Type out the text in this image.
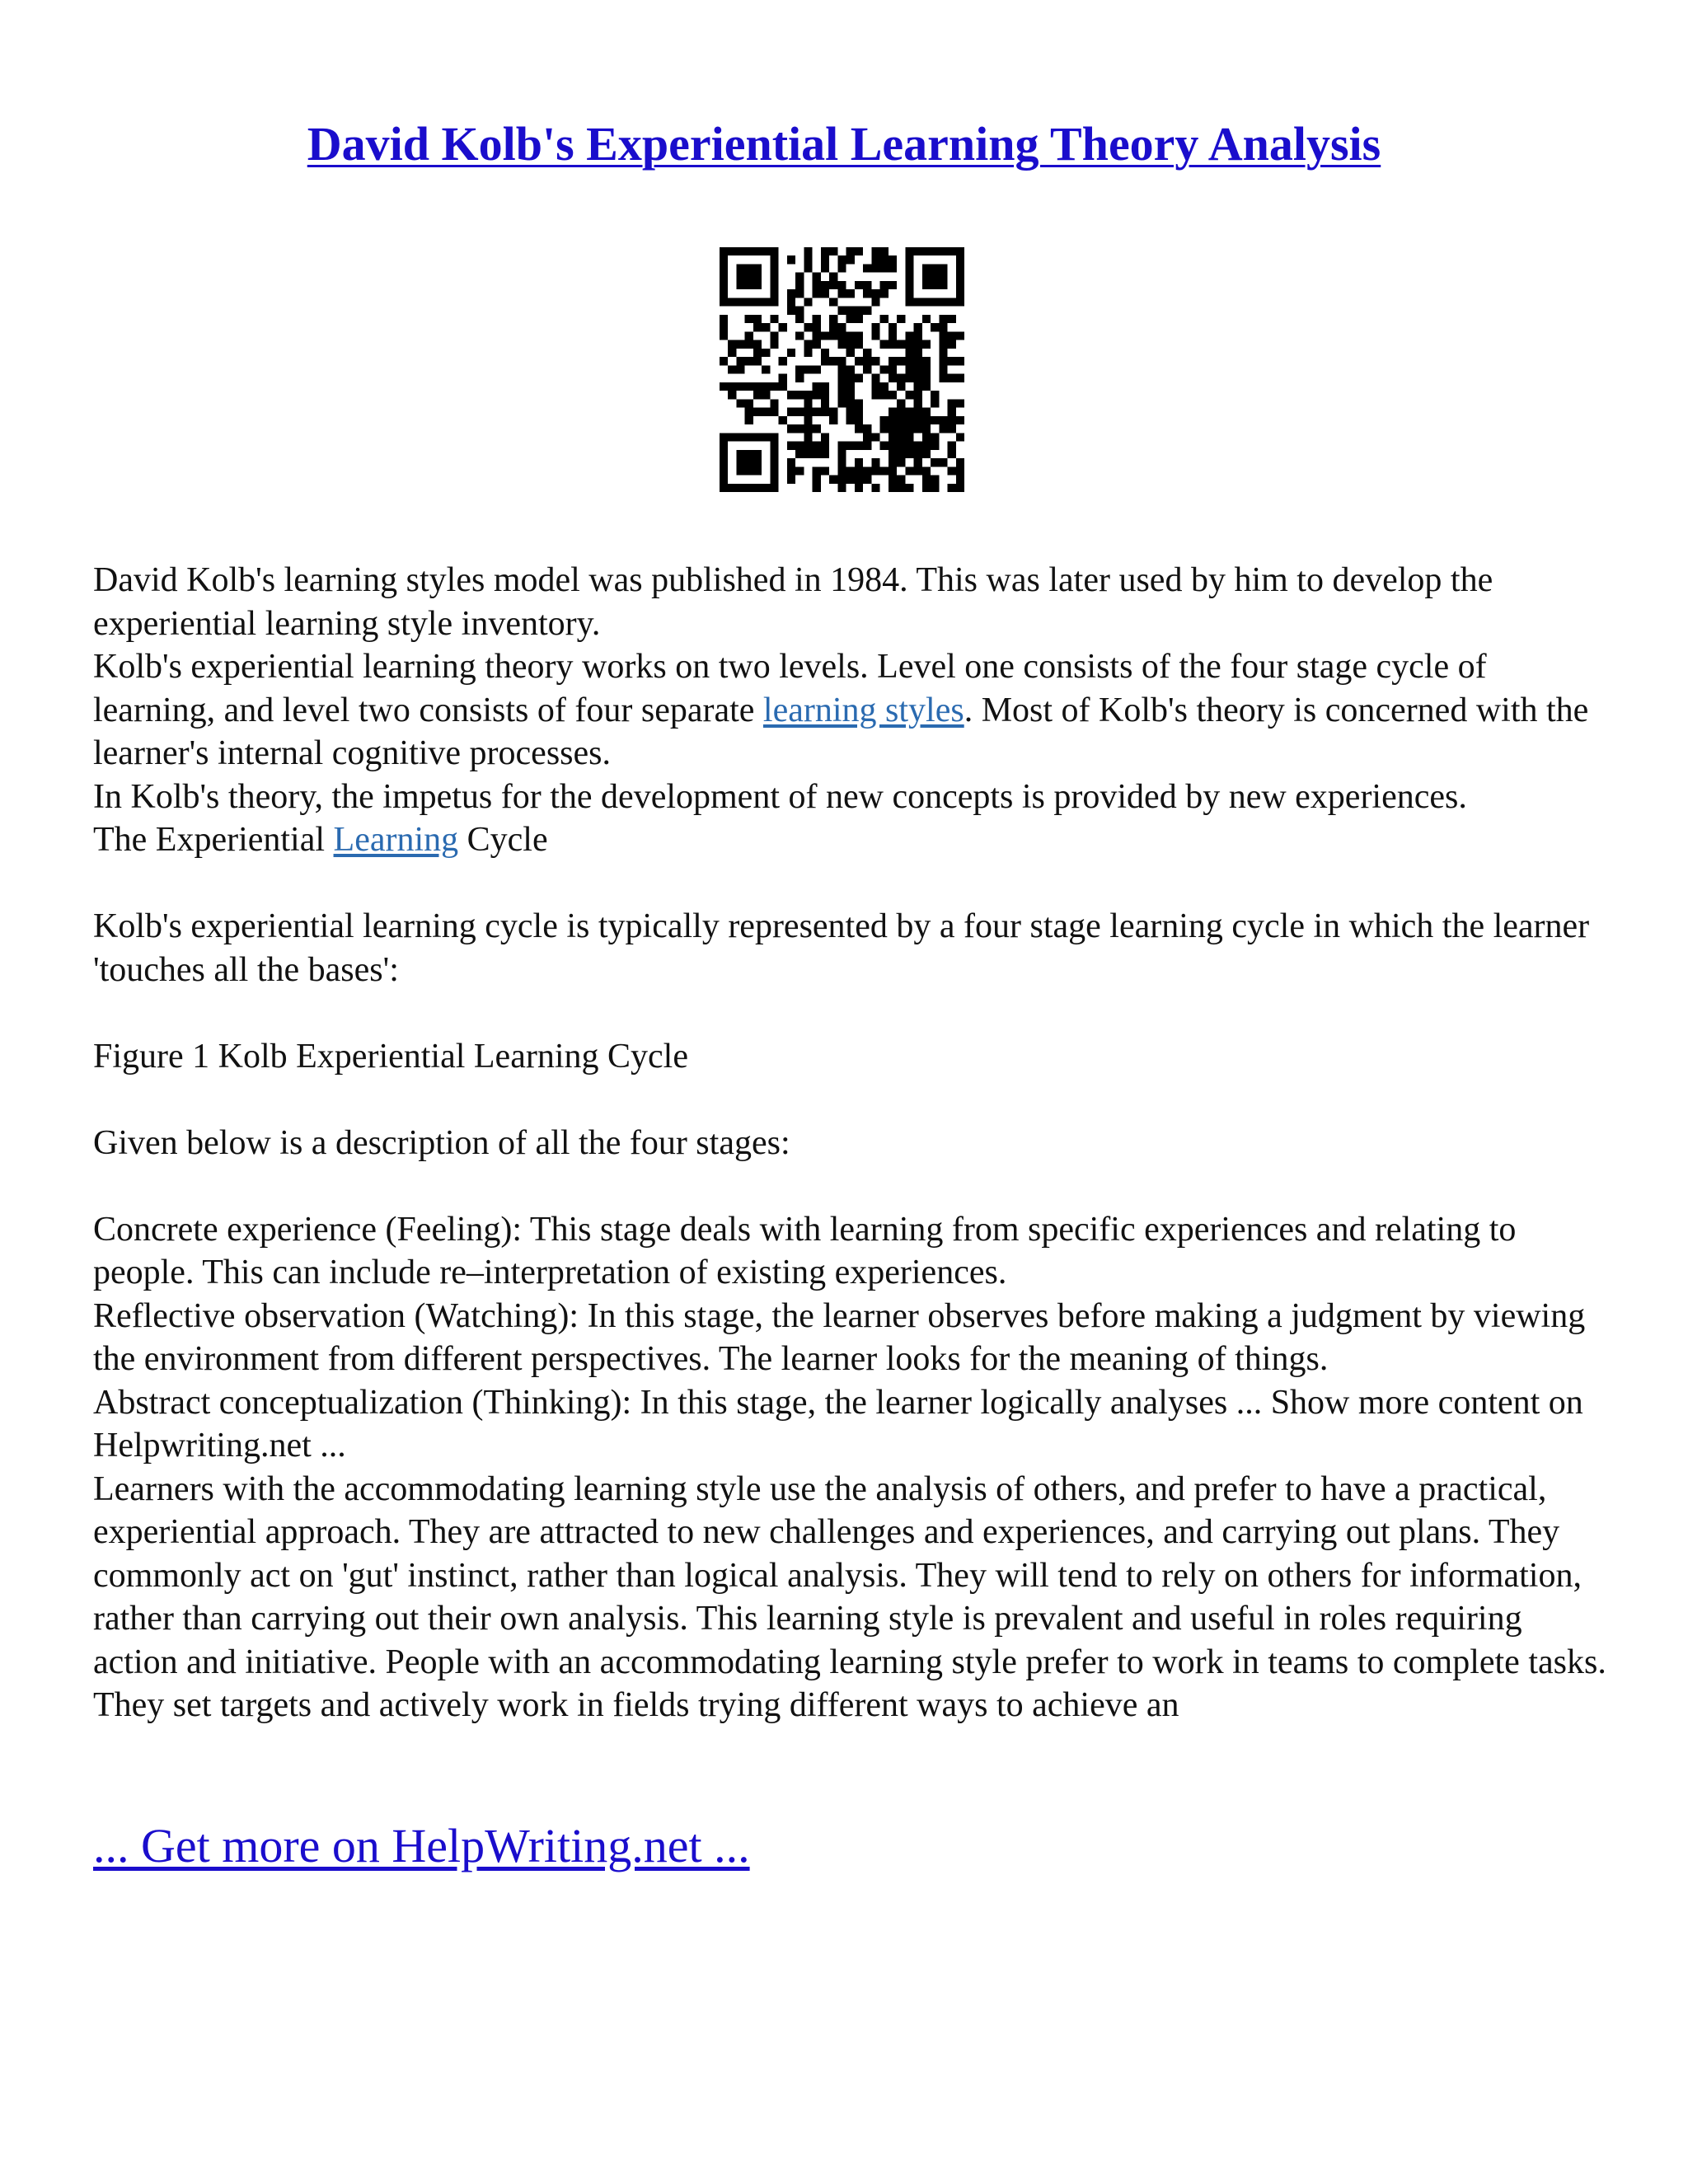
David Kolb's Experiential Learning Theory Analysis

David Kolb's learning styles model was published in 1984. This was later used by him to develop the experiential learning style inventory.

Kolb's experiential learning theory works on two levels. Level one consists of the four stage cycle of learning, and level two consists of four separate learning styles. Most of Kolb's theory is concerned with the learner's internal cognitive processes.

In Kolb's theory, the impetus for the development of new concepts is provided by new experiences.

The Experiential Learning Cycle

Kolb's experiential learning cycle is typically represented by a four stage learning cycle in which the learner 'touches all the bases':

Figure 1 Kolb Experiential Learning Cycle

Given below is a description of all the four stages:

Concrete experience (Feeling): This stage deals with learning from specific experiences and relating to people. This can include re–interpretation of existing experiences.

Reflective observation (Watching): In this stage, the learner observes before making a judgment by viewing the environment from different perspectives. The learner looks for the meaning of things.

Abstract conceptualization (Thinking): In this stage, the learner logically analyses ... Show more content on Helpwriting.net ...

Learners with the accommodating learning style use the analysis of others, and prefer to have a practical, experiential approach. They are attracted to new challenges and experiences, and carrying out plans. They commonly act on 'gut' instinct, rather than logical analysis. They will tend to rely on others for information, rather than carrying out their own analysis. This learning style is prevalent and useful in roles requiring action and initiative. People with an accommodating learning style prefer to work in teams to complete tasks. They set targets and actively work in fields trying different ways to achieve an

... Get more on HelpWriting.net ...
